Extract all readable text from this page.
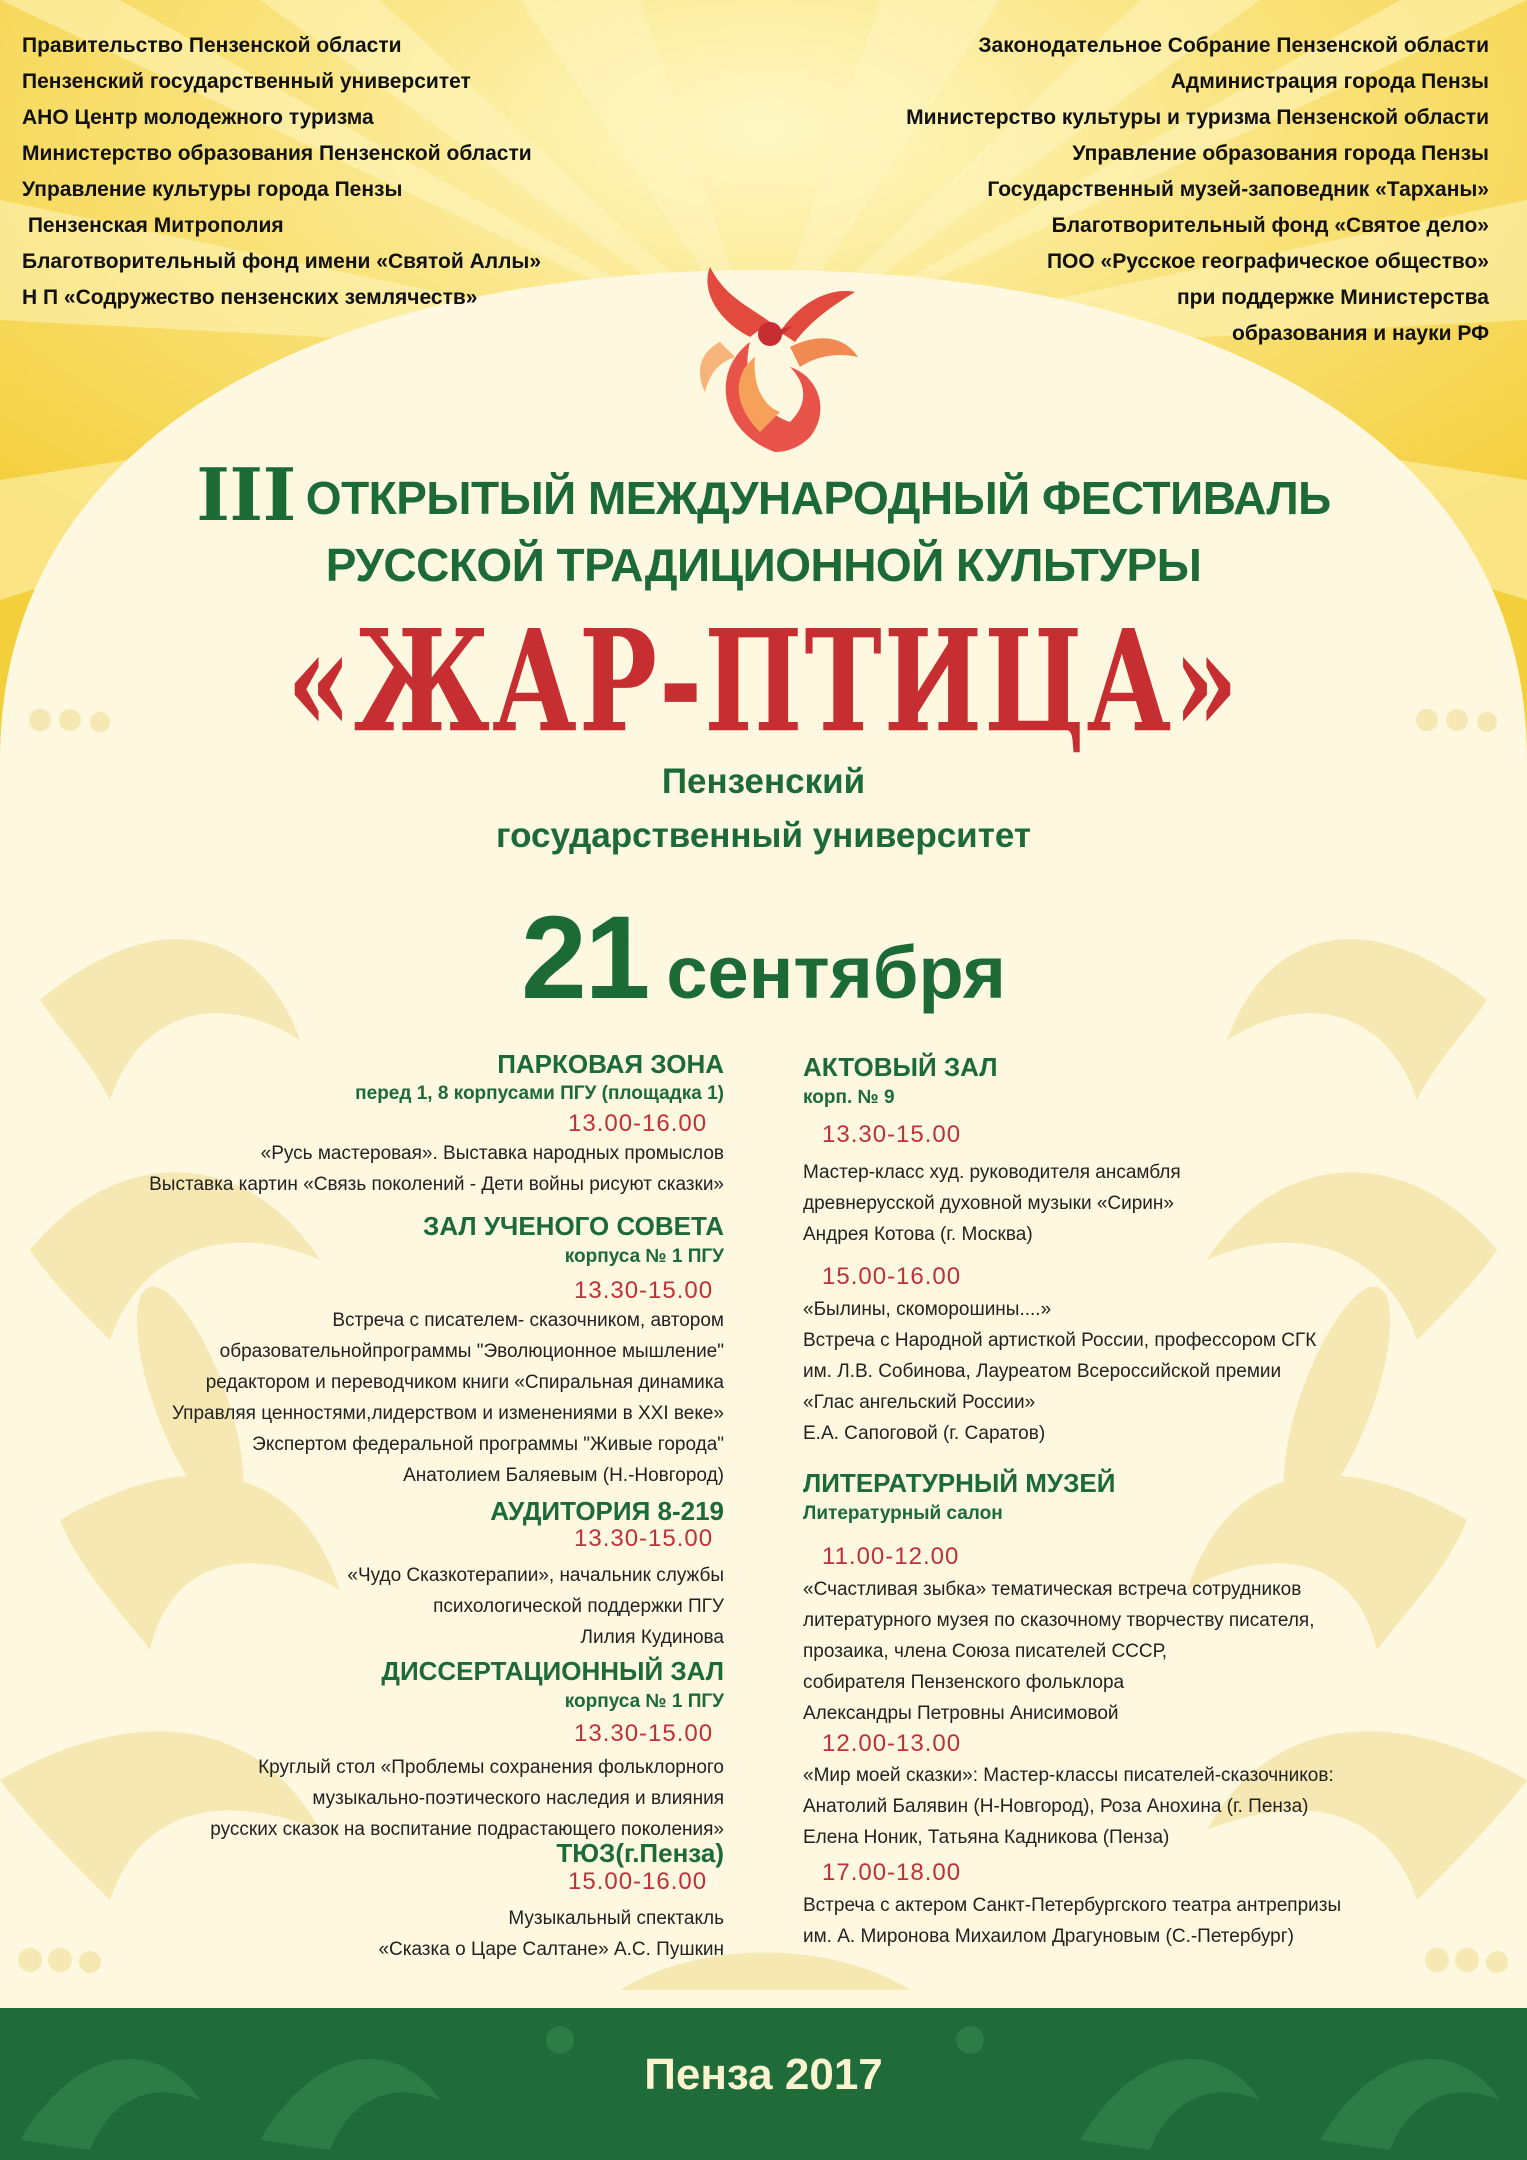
Правительство Пензенской области
Пензенский государственный университет
АНО Центр молодежного туризма
Министерство образования Пензенской области
Управление культуры города Пензы
Пензенская Митрополия
Благотворительный фонд имени «Святой Аллы»
Н П «Содружество пензенских землячеств»
Законодательное Собрание Пензенской области
Администрация города Пензы
Министерство культуры и туризма Пензенской области
Управление образования города Пензы
Государственный музей-заповедник «Тарханы»
Благотворительный фонд «Святое дело»
ПОО «Русское географическое общество»
при поддержке Министерства
образования и науки РФ
III ОТКРЫТЫЙ МЕЖДУНАРОДНЫЙ ФЕСТИВАЛЬ
РУССКОЙ ТРАДИЦИОННОЙ КУЛЬТУРЫ
«ЖАР-ПТИЦА»
Пензенский
государственный университет
21 сентября
ПАРКОВАЯ ЗОНА
перед 1, 8 корпусами ПГУ (площадка 1)
13.00-16.00
«Русь мастеровая». Выставка народных промыслов
Выставка картин «Связь поколений - Дети войны рисуют сказки»
ЗАЛ УЧЕНОГО СОВЕТА
корпуса № 1 ПГУ
13.30-15.00
Встреча с писателем- сказочником, автором
образовательнойпрограммы "Эволюционное мышление"
редактором и переводчиком книги «Спиральная динамика
Управляя ценностями,лидерством и изменениями в XXI веке»
Экспертом федеральной программы "Живые города"
Анатолием Баляевым (Н.-Новгород)
АУДИТОРИЯ 8-219
13.30-15.00
«Чудо Сказкотерапии», начальник службы
психологической поддержки ПГУ
Лилия Кудинова
ДИССЕРТАЦИОННЫЙ ЗАЛ
корпуса № 1 ПГУ
13.30-15.00
Круглый стол «Проблемы сохранения фольклорного
музыкально-поэтического наследия и влияния
русских сказок на воспитание подрастающего поколения»
ТЮЗ(г.Пенза)
15.00-16.00
Музыкальный спектакль
«Сказка о Царе Салтане» А.С. Пушкин
АКТОВЫЙ ЗАЛ
корп. № 9
13.30-15.00
Мастер-класс худ. руководителя ансамбля
древнерусской духовной музыки «Сирин»
Андрея Котова (г. Москва)
15.00-16.00
«Былины, скоморошины....»
Встреча с Народной артисткой России, профессором СГК
им. Л.В. Собинова, Лауреатом Всероссийской премии
«Глас ангельский России»
Е.А. Сапоговой (г. Саратов)
ЛИТЕРАТУРНЫЙ МУЗЕЙ
Литературный салон
11.00-12.00
«Счастливая зыбка» тематическая встреча сотрудников
литературного музея по сказочному творчеству писателя,
прозаика, члена Союза писателей СССР,
собирателя Пензенского фольклора
Александры Петровны Анисимовой
12.00-13.00
«Мир моей сказки»: Мастер-классы писателей-сказочников:
Анатолий Балявин (Н-Новгород), Роза Анохина (г. Пенза)
Елена Ноник, Татьяна Кадникова (Пенза)
17.00-18.00
Встреча с актером Санкт-Петербургского театра антрепризы
им. А. Миронова Михаилом Драгуновым (С.-Петербург)
Пенза 2017
